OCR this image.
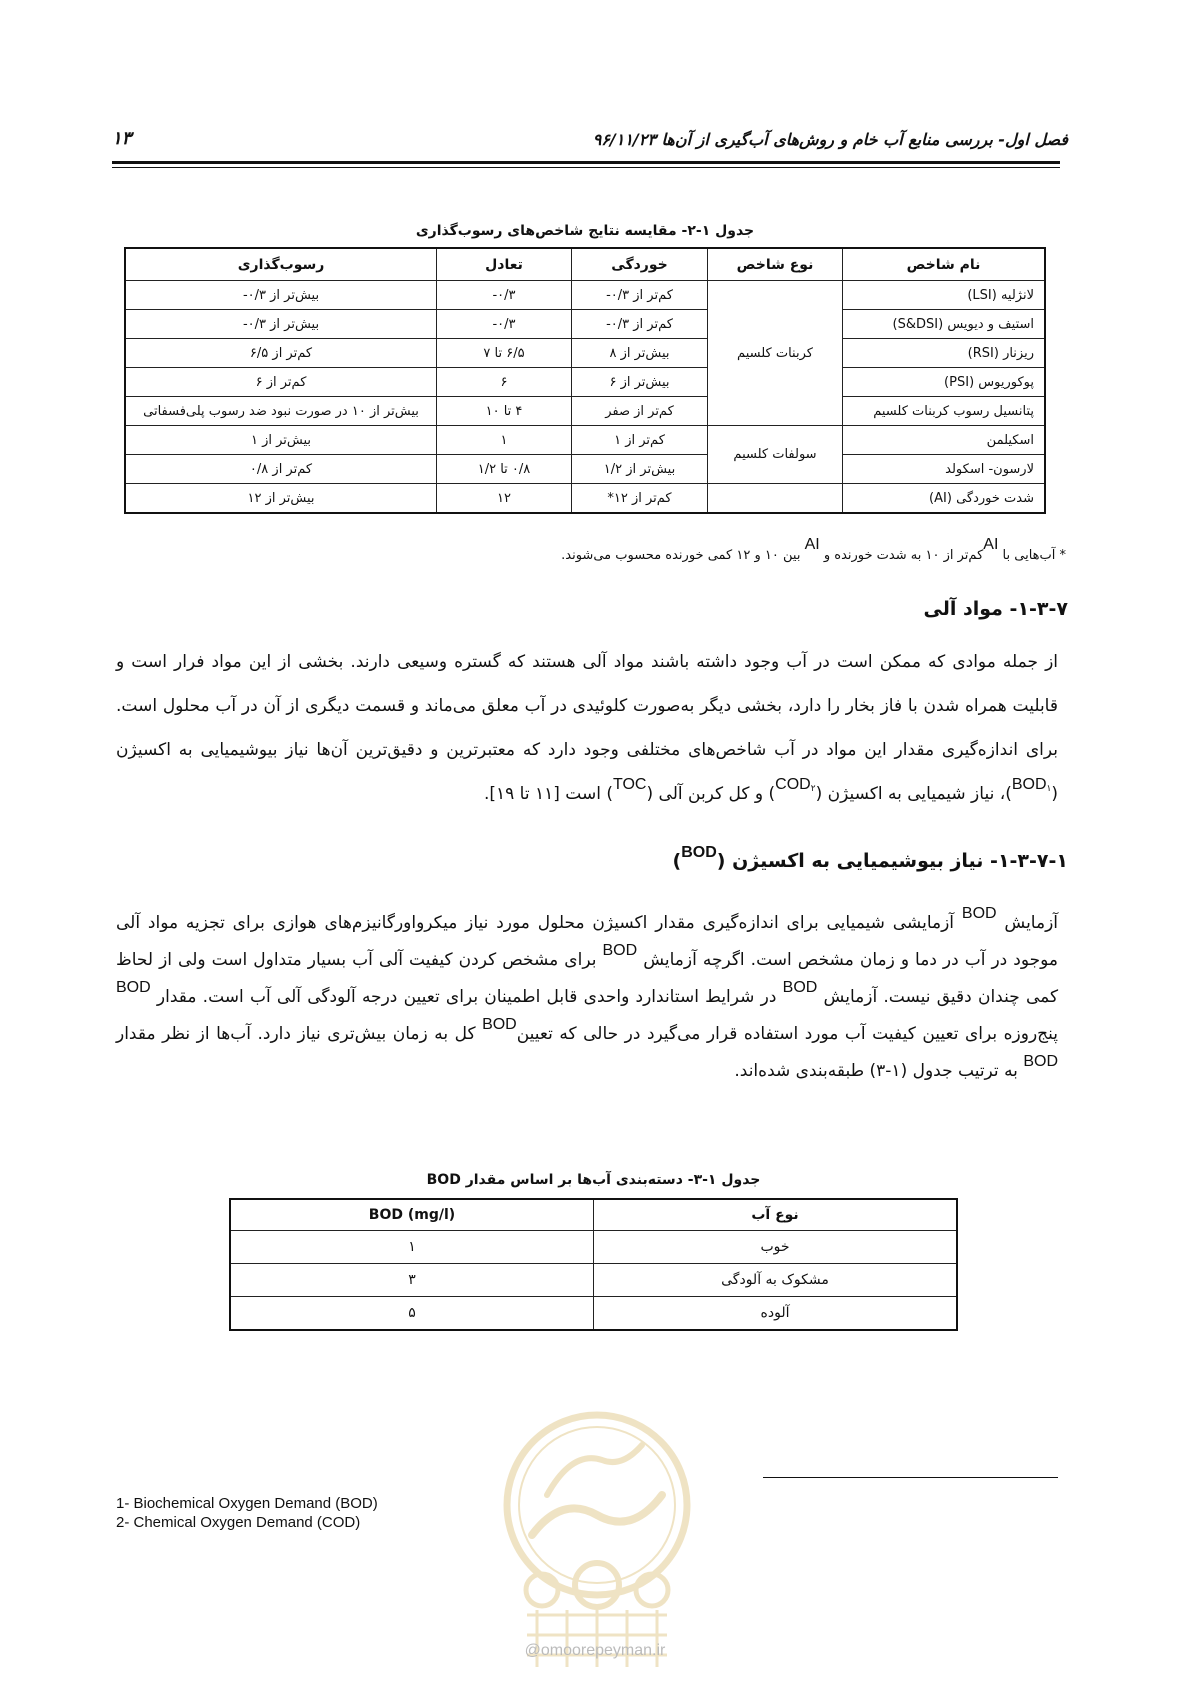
فصل اول- بررسی منابع آب خام و روش‌های آب‌گیری از آن‌ها ۹۶/۱۱/۲۳
۱۳
جدول ۱-۲- مقایسه نتایج شاخص‌های رسوب‌گذاری
نام شاخص	نوع شاخص	خوردگی	تعادل	رسوب‌گذاری
لانژلیه (LSI)	کربنات کلسیم	کم‌تر از ۰/۳-	۰/۳-	بیش‌تر از ۰/۳-
استیف و دیویس (S&DSI)		کم‌تر از ۰/۳-	۰/۳-	بیش‌تر از ۰/۳-
ریزنار (RSI)		بیش‌تر از ۸	۶/۵ تا ۷	کم‌تر از ۶/۵
پوکوریوس (PSI)		بیش‌تر از ۶	۶	کم‌تر از ۶
پتانسیل رسوب کربنات کلسیم		کم‌تر از صفر	۴ تا ۱۰	بیش‌تر از ۱۰ در صورت نبود ضد رسوب پلی‌فسفاتی
اسکیلمن	سولفات کلسیم	کم‌تر از ۱	۱	بیش‌تر از ۱
لارسون- اسکولد		بیش‌تر از ۱/۲	۰/۸ تا ۱/۲	کم‌تر از ۰/۸
شدت خوردگی (AI)		کم‌تر از ۱۲*	۱۲	بیش‌تر از ۱۲
* آب‌هایی با AIکم‌تر از ۱۰ به شدت خورنده و AI بین ۱۰ و ۱۲ کمی خورنده محسوب می‌شوند.
۱-۳-۷- مواد آلی
از جمله موادی که ممکن است در آب وجود داشته باشند مواد آلی هستند که گستره وسیعی دارند. بخشی از این مواد فرار است و قابلیت همراه شدن با فاز بخار را دارد، بخشی دیگر به‌صورت کلوئیدی در آب معلق می‌ماند و قسمت دیگری از آن در آب محلول است. برای اندازه‌گیری مقدار این مواد در آب شاخص‌های مختلفی وجود دارد که معتبرترین و دقیق‌ترین آن‌ها نیاز بیوشیمیایی به اکسیژن (BOD$^۱$)، نیاز شیمیایی به اکسیژن (COD$^۲$) و کل کربن آلی (TOC) است [۱۱ تا ۱۹].
۱-۳-۷-۱- نیاز بیوشیمیایی به اکسیژن ($^{BOD}$)
آزمایش BOD آزمایشی شیمیایی برای اندازه‌گیری مقدار اکسیژن محلول مورد نیاز میکرواورگانیزم‌های هوازی برای تجزیه مواد آلی موجود در آب در دما و زمان مشخص است. اگرچه آزمایش BOD برای مشخص کردن کیفیت آلی آب بسیار متداول است ولی از لحاظ کمی چندان دقیق نیست. آزمایش BOD در شرایط استاندارد واحدی قابل اطمینان برای تعیین درجه آلودگی آلی آب است. مقدار BOD پنج‌روزه برای تعیین کیفیت آب مورد استفاده قرار می‌گیرد در حالی که تعیینBOD کل به زمان بیش‌تری نیاز دارد. آب‌ها از نظر مقدار BOD به ترتیب جدول (۱-۳) طبقه‌بندی شده‌اند.
جدول ۱-۳- دسته‌بندی آب‌ها بر اساس مقدار BOD
نوع آب	BOD (mg/l)
خوب	۱
مشکوک به آلودگی	۳
آلوده	۵
1- Biochemical Oxygen Demand (BOD)
2- Chemical Oxygen Demand (COD)
@omoorepeyman.ir
